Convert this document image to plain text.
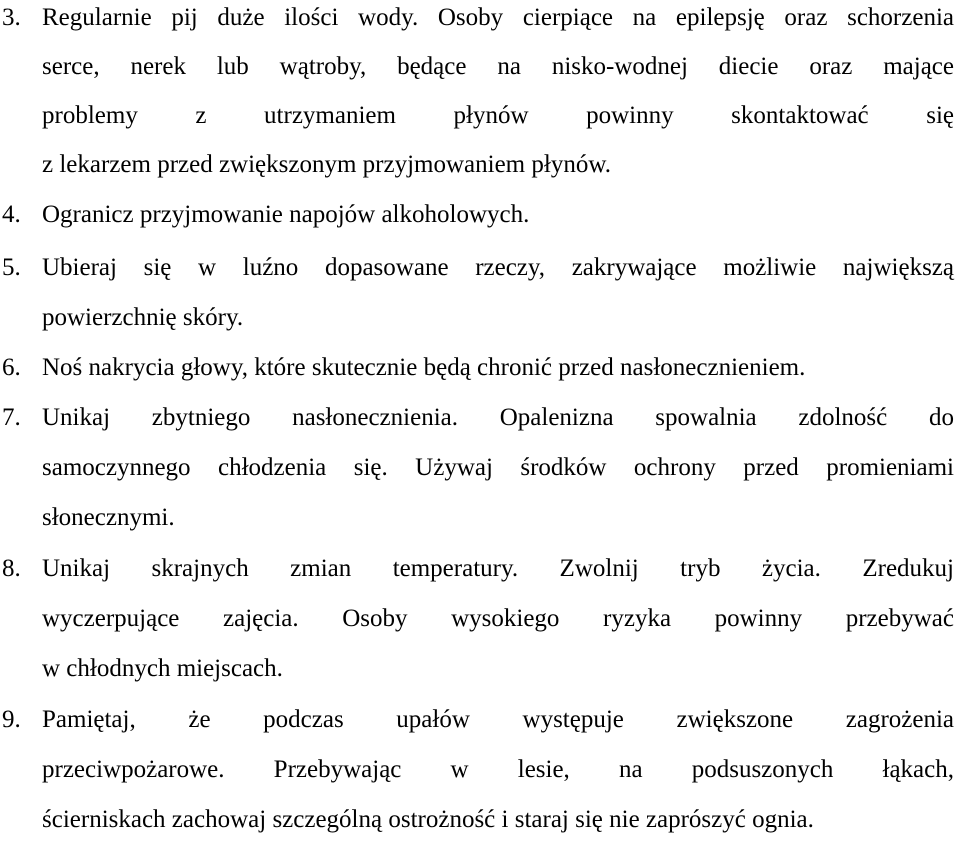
3. Regularnie pij duże ilości wody. Osoby cierpiące na epilepsję oraz schorzenia
serce, nerek lub wątroby, będące na nisko-wodnej diecie oraz mające
problemy z utrzymaniem płynów powinny skontaktować się
z lekarzem przed zwiększonym przyjmowaniem płynów.
4. Ogranicz przyjmowanie napojów alkoholowych.
5. Ubieraj się w luźno dopasowane rzeczy, zakrywające możliwie największą
powierzchnię skóry.
6. Noś nakrycia głowy, które skutecznie będą chronić przed nasłonecznieniem.
7. Unikaj zbytniego nasłonecznienia. Opalenizna spowalnia zdolność do
samoczynnego chłodzenia się. Używaj środków ochrony przed promieniami
słonecznymi.
8. Unikaj skrajnych zmian temperatury. Zwolnij tryb życia. Zredukuj
wyczerpujące zajęcia. Osoby wysokiego ryzyka powinny przebywać
w chłodnych miejscach.
9. Pamiętaj, że podczas upałów występuje zwiększone zagrożenia
przeciwpożarowe. Przebywając w lesie, na podsuszonych łąkach,
ścierniskach zachowaj szczególną ostrożność i staraj się nie zaprószyć ognia.
